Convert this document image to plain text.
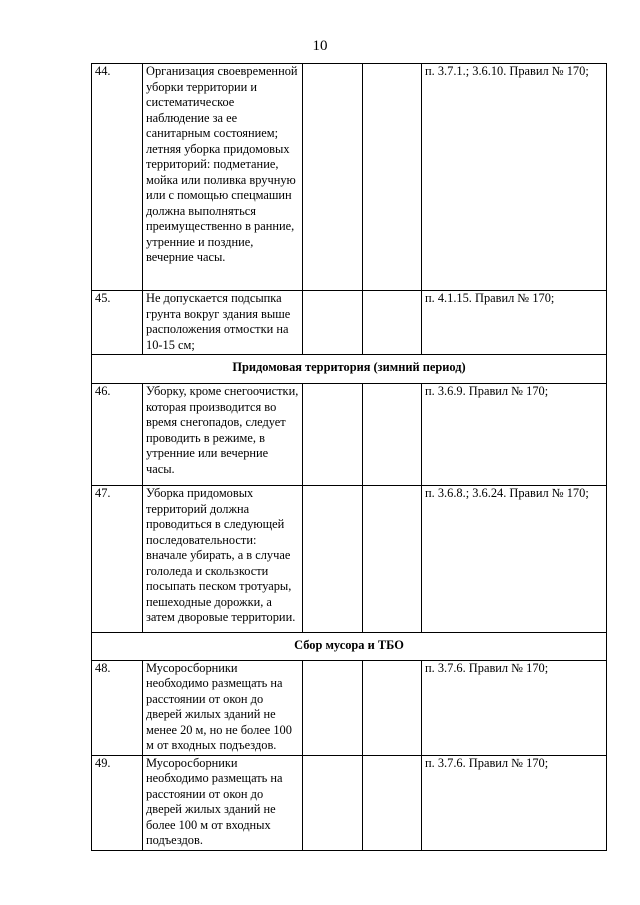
10
44.	Организация своевременной уборки территории и систематическое наблюдение за ее санитарным состоянием; летняя уборка придомовых территорий: подметание, мойка или поливка вручную или с помощью спецмашин должна выполняться преимущественно в ранние, утренние и поздние, вечерние часы.			п. 3.7.1.; 3.6.10. Правил № 170;
45.	Не допускается подсыпка грунта вокруг здания выше расположения отмостки на 10-15 см;			п. 4.1.15. Правил № 170;
Придомовая территория (зимний период)				
46.	Уборку, кроме снегоочистки, которая производится во время снегопадов, следует проводить в режиме, в утренние или вечерние часы.			п. 3.6.9. Правил № 170;
47.	Уборка придомовых территорий должна проводиться в следующей последовательности: вначале убирать, а в случае гололеда и скользкости посыпать песком тротуары, пешеходные дорожки, а затем дворовые территории.			п. 3.6.8.; 3.6.24. Правил № 170;
Сбор мусора и ТБО				
48.	Мусоросборники необходимо размещать на расстоянии от окон до дверей жилых зданий не менее 20 м, но не более 100 м от входных подъездов.			п. 3.7.6. Правил № 170;
49.	Мусоросборники необходимо размещать на расстоянии от окон до дверей жилых зданий не более 100 м от входных подъездов.			п. 3.7.6. Правил № 170;
